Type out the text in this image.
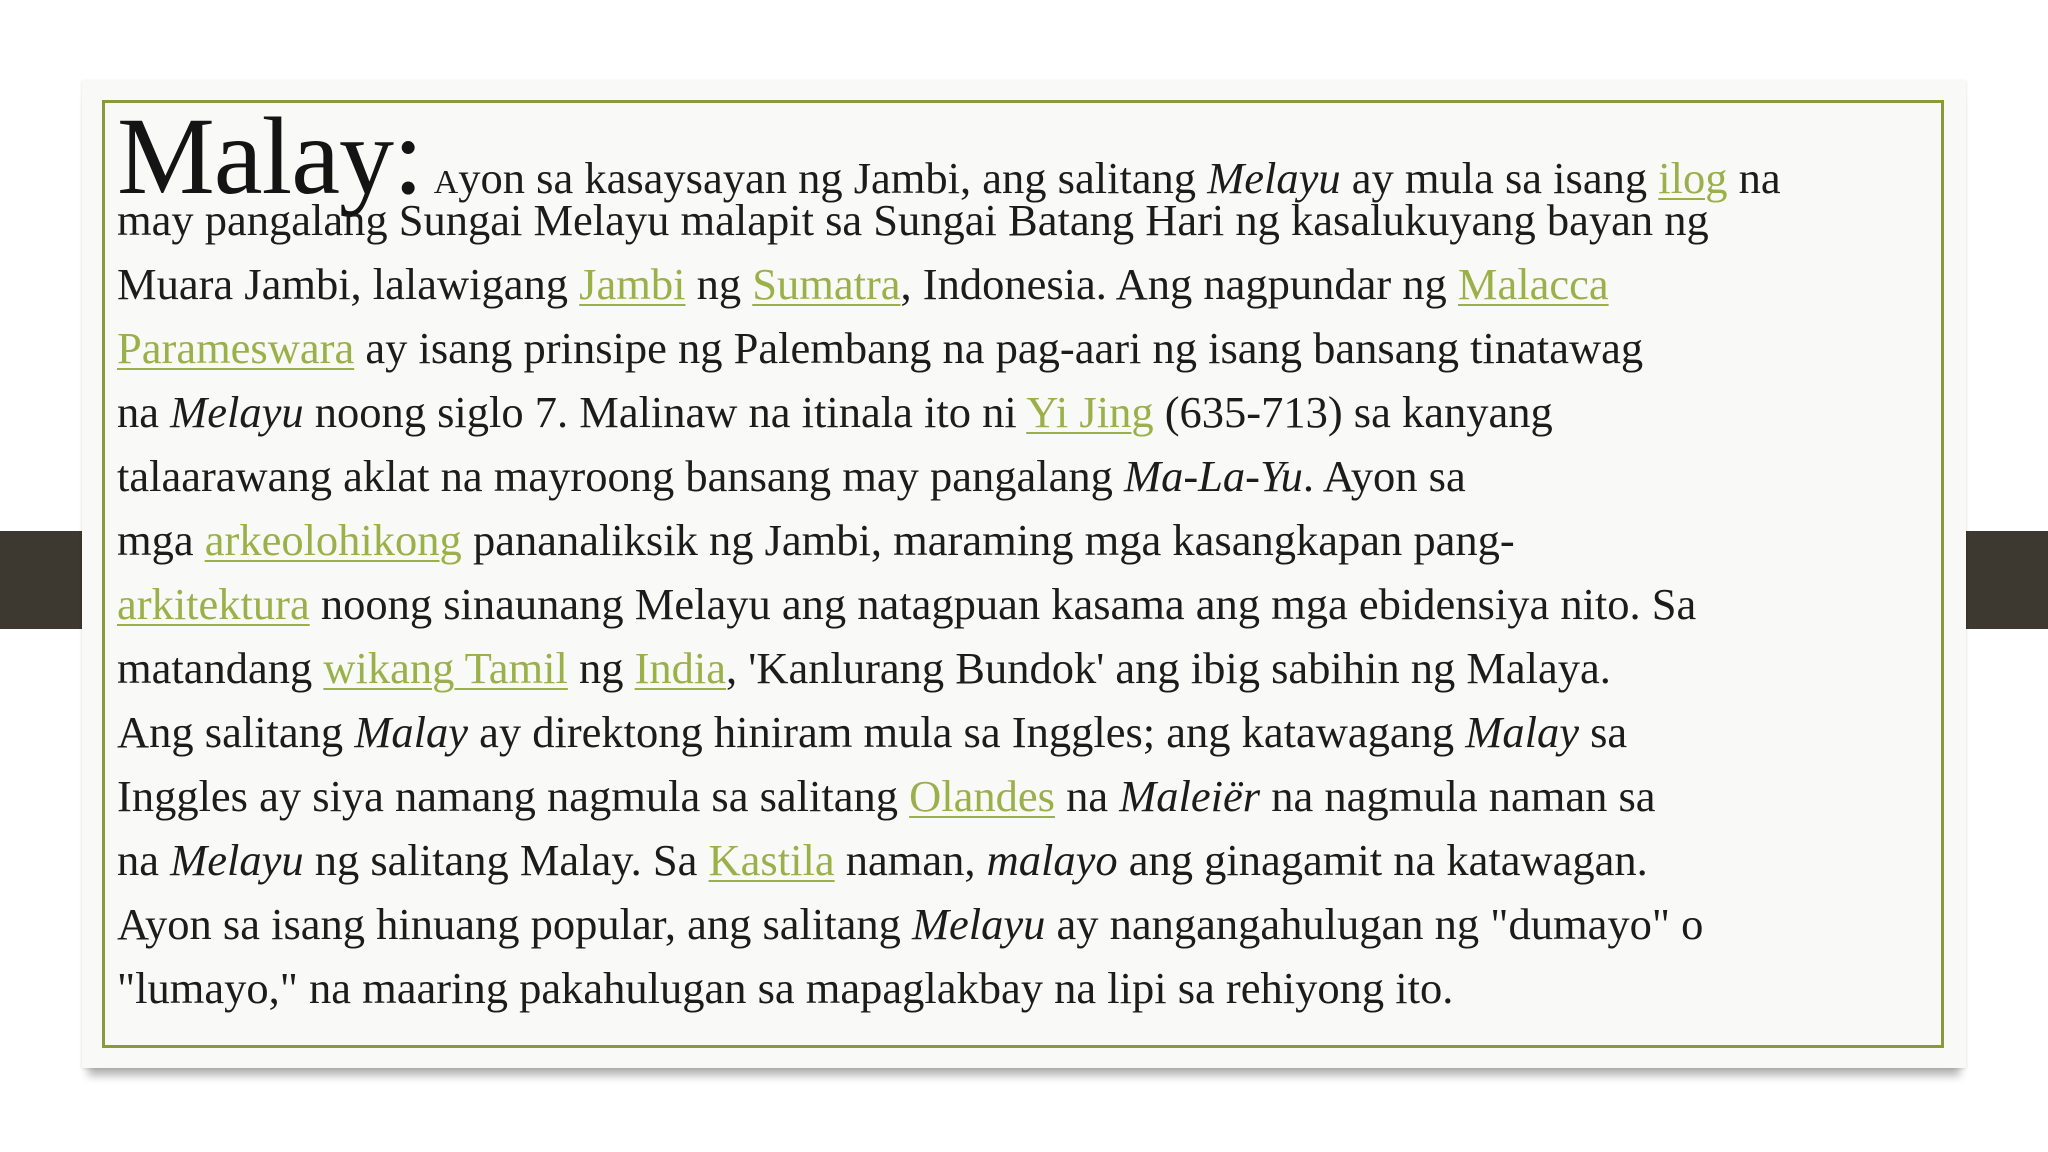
Malay: Ayon sa kasaysayan ng Jambi, ang salitang Melayu ay mula sa isang ilog na
may pangalang Sungai Melayu malapit sa Sungai Batang Hari ng kasalukuyang bayan ng
Muara Jambi, lalawigang Jambi ng Sumatra, Indonesia. Ang nagpundar ng Malacca
Parameswara ay isang prinsipe ng Palembang na pag-aari ng isang bansang tinatawag
na Melayu noong siglo 7. Malinaw na itinala ito ni Yi Jing (635-713) sa kanyang
talaarawang aklat na mayroong bansang may pangalang Ma-La-Yu. Ayon sa
mga arkeolohikong pananaliksik ng Jambi, maraming mga kasangkapan pang-
arkitektura noong sinaunang Melayu ang natagpuan kasama ang mga ebidensiya nito. Sa
matandang wikang Tamil ng India, 'Kanlurang Bundok' ang ibig sabihin ng Malaya.
Ang salitang Malay ay direktong hiniram mula sa Inggles; ang katawagang Malay sa
Inggles ay siya namang nagmula sa salitang Olandes na Maleiër na nagmula naman sa
na Melayu ng salitang Malay. Sa Kastila naman, malayo ang ginagamit na katawagan.
Ayon sa isang hinuang popular, ang salitang Melayu ay nangangahulugan ng "dumayo" o
"lumayo," na maaring pakahulugan sa mapaglakbay na lipi sa rehiyong ito.
